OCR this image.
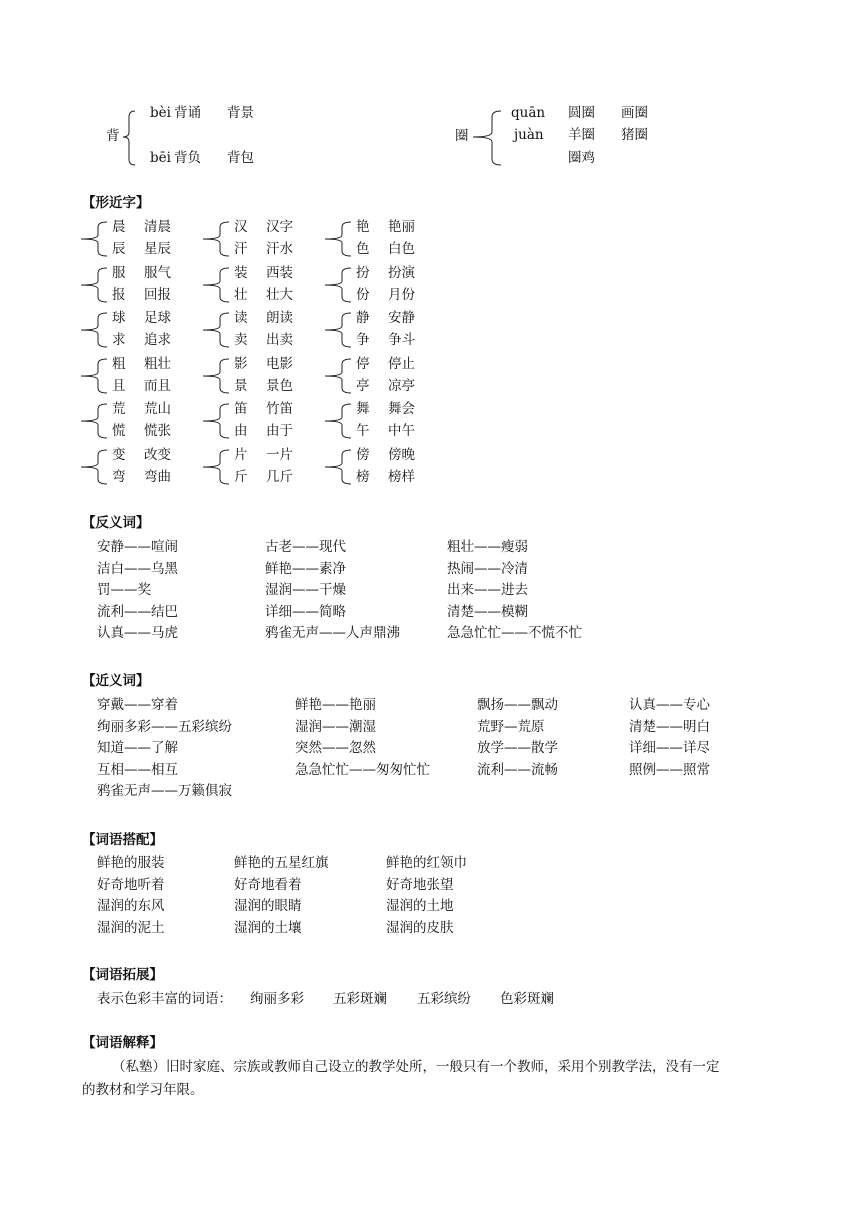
背
bèi 背诵 背景
bēi 背负 背包
圈
quān 圆圈 画圈
juàn 羊圈 猪圈
圈鸡
【形近字】
晨 清晨
辰 星辰
汉 汉字
汗 汗水
艳 艳丽
色 白色
服 服气
报 回报
装 西装
壮 壮大
扮 扮演
份 月份
球 足球
求 追求
读 朗读
卖 出卖
静 安静
争 争斗
粗 粗壮
且 而且
影 电影
景 景色
停 停止
亭 凉亭
荒 荒山
慌 慌张
笛 竹笛
由 由于
舞 舞会
午 中午
变 改变
弯 弯曲
片 一片
斤 几斤
傍 傍晚
榜 榜样
【反义词】
安静——喧闹	古老——现代	粗壮——瘦弱
洁白——乌黑	鲜艳——素净	热闹——冷清
罚——奖	湿润——干燥	出来——进去
流利——结巴	详细——简略	清楚——模糊
认真——马虎	鸦雀无声——人声鼎沸	急急忙忙——不慌不忙
【近义词】
穿戴——穿着	鲜艳——艳丽	飘扬——飘动	认真——专心
绚丽多彩——五彩缤纷	湿润——潮湿	荒野—荒原	清楚——明白
知道——了解	突然——忽然	放学——散学	详细——详尽
互相——相互	急急忙忙——匆匆忙忙	流利——流畅	照例——照常
鸦雀无声——万籁俱寂
【词语搭配】
鲜艳的服装	鲜艳的五星红旗	鲜艳的红领巾
好奇地听着	好奇地看着	好奇地张望
湿润的东风	湿润的眼睛	湿润的土地
湿润的泥土	湿润的土壤	湿润的皮肤
【词语拓展】
表示色彩丰富的词语： 绚丽多彩 五彩斑斓 五彩缤纷 色彩斑斓
【词语解释】
（私塾）旧时家庭、宗族或教师自己设立的教学处所，一般只有一个教师，采用个别教学法，没有一定
的教材和学习年限。
